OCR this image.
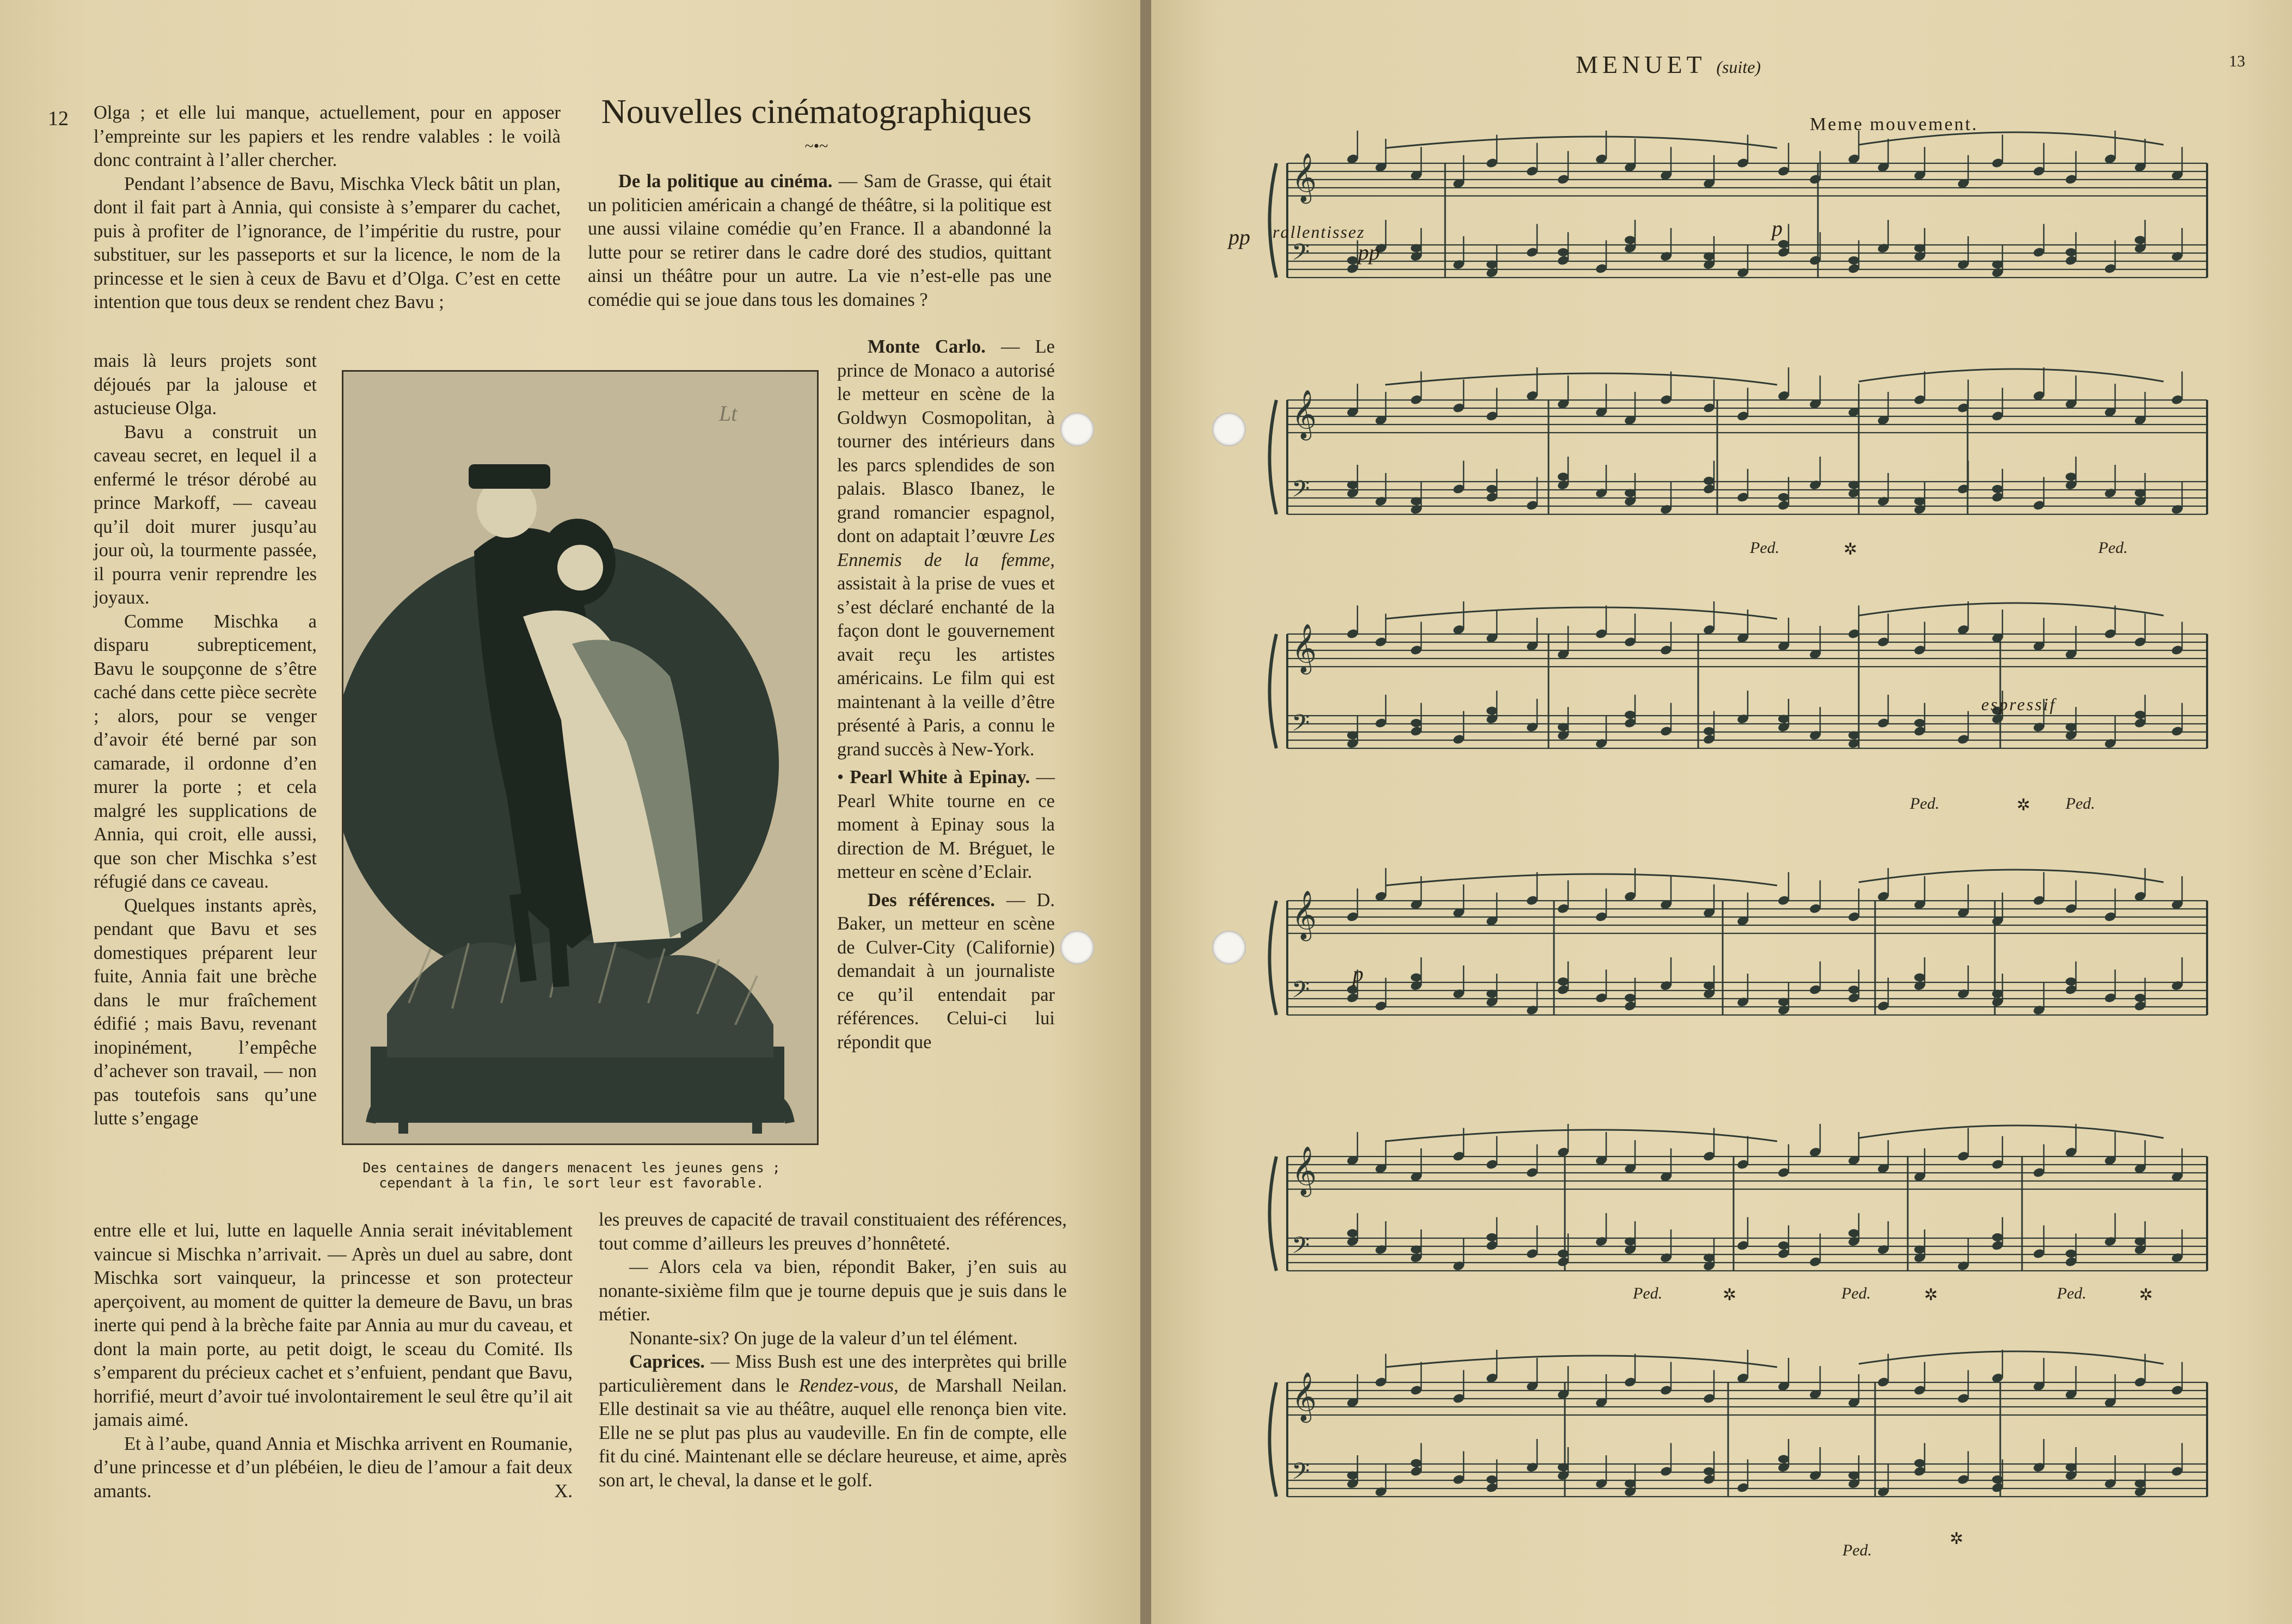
12 Olga ; et elle lui manque, actuellement, pour en apposer l’empreinte sur les papiers et les rendre valables : le voilà donc contraint à l’aller chercher.

Pendant l’absence de Bavu, Mischka Vleck bâtit un plan, dont il fait part à Annia, qui consiste à s’emparer du cachet, puis à profiter de l’ignorance, de l’impéritie du rustre, pour substituer, sur les passeports et sur la licence, le nom de la princesse et le sien à ceux de Bavu et d’Olga. C’est en cette intention que tous deux se rendent chez Bavu ;

mais là leurs projets sont déjoués par la jalouse et astucieuse Olga.

Bavu a construit un caveau secret, en lequel il a enfermé le trésor dérobé au prince Markoff, — caveau qu’il doit murer jusqu’au jour où, la tourmente passée, il pourra venir reprendre les joyaux.

Comme Mischka a disparu subrepticement, Bavu le soupçonne de s’être caché dans cette pièce secrète ; alors, pour se venger d’avoir été berné par son camarade, il ordonne d’en murer la porte ; et cela malgré les supplications de Annia, qui croit, elle aussi, que son cher Mischka s’est réfugié dans ce caveau.

Quelques instants après, pendant que Bavu et ses domestiques préparent leur fuite, Annia fait une brèche dans le mur fraîchement édifié ; mais Bavu, revenant inopinément, l’empêche d’achever son travail, — non pas toutefois sans qu’une lutte s’engage

entre elle et lui, lutte en laquelle Annia serait inévitablement vaincue si Mischka n’arrivait. — Après un duel au sabre, dont Mischka sort vainqueur, la princesse et son protecteur aperçoivent, au moment de quitter la demeure de Bavu, un bras inerte qui pend à la brèche faite par Annia au mur du caveau, et dont la main porte, au petit doigt, le sceau du Comité. Ils s’emparent du précieux cachet et s’enfuient, pendant que Bavu, horrifié, meurt d’avoir tué involontairement le seul être qu’il ait jamais aimé.

Et à l’aube, quand Annia et Mischka arrivent en Roumanie, d’une princesse et d’un plébéien, le dieu de l’amour a fait deux amants.	X.

Nouvelles cinématographiques
~•~

De la politique au cinéma. — Sam de Grasse, qui était un politicien américain a changé de théâtre, si la politique est une aussi vilaine comédie qu’en France. Il a abandonné la lutte pour se retirer dans le cadre doré des studios, quittant ainsi un théâtre pour un autre. La vie n’est-elle pas une comédie qui se joue dans tous les domaines ?

Monte Carlo. — Le prince de Monaco a autorisé le metteur en scène de la Goldwyn Cosmopolitan, à tourner des intérieurs dans les parcs splendides de son palais. Blasco Ibanez, le grand romancier espagnol, dont on adaptait l’œuvre Les Ennemis de la femme, assistait à la prise de vues et s’est déclaré enchanté de la façon dont le gouvernement avait reçu les artistes américains. Le film qui est maintenant à la veille d’être présenté à Paris, a connu le grand succès à New-York.

• Pearl White à Epinay. — Pearl White tourne en ce moment à Epinay sous la direction de M. Bréguet, le metteur en scène d’Eclair.

Des références. — D. Baker, un metteur en scène de Culver-City (Californie) demandait à un journaliste ce qu’il entendait par références. Celui-ci lui répondit que

les preuves de capacité de travail constituaient des références, tout comme d’ailleurs les preuves d’honnêteté.

— Alors cela va bien, répondit Baker, j’en suis au nonante-sixième film que je tourne depuis que je suis dans le métier.

Nonante-six? On juge de la valeur d’un tel élément.

Caprices. — Miss Bush est une des interprètes qui brille particulièrement dans le Rendez-vous, de Marshall Neilan. Elle destinait sa vie au théâtre, auquel elle renonça bien vite. Elle ne se plut pas plus au vaudeville. En fin de compte, elle fit du ciné. Maintenant elle se déclare heureuse, et aime, après son art, le cheval, la danse et le golf.

Lt
Des centaines de dangers menacent les jeunes gens ;
cependant à la fin, le sort leur est favorable.
MENUET (suite)	13
Meme mouvement.
𝄞
𝄢
𝄞
𝄢
𝄞
𝄢
𝄞
𝄢
𝄞
𝄢
𝄞
𝄢
pp rallentissez
pp
p
espressif
p
Ped.	✲	Ped.
Ped.	✲ Ped.
Ped.	✲	Ped.	✲	Ped.	✲
Ped.
✲
